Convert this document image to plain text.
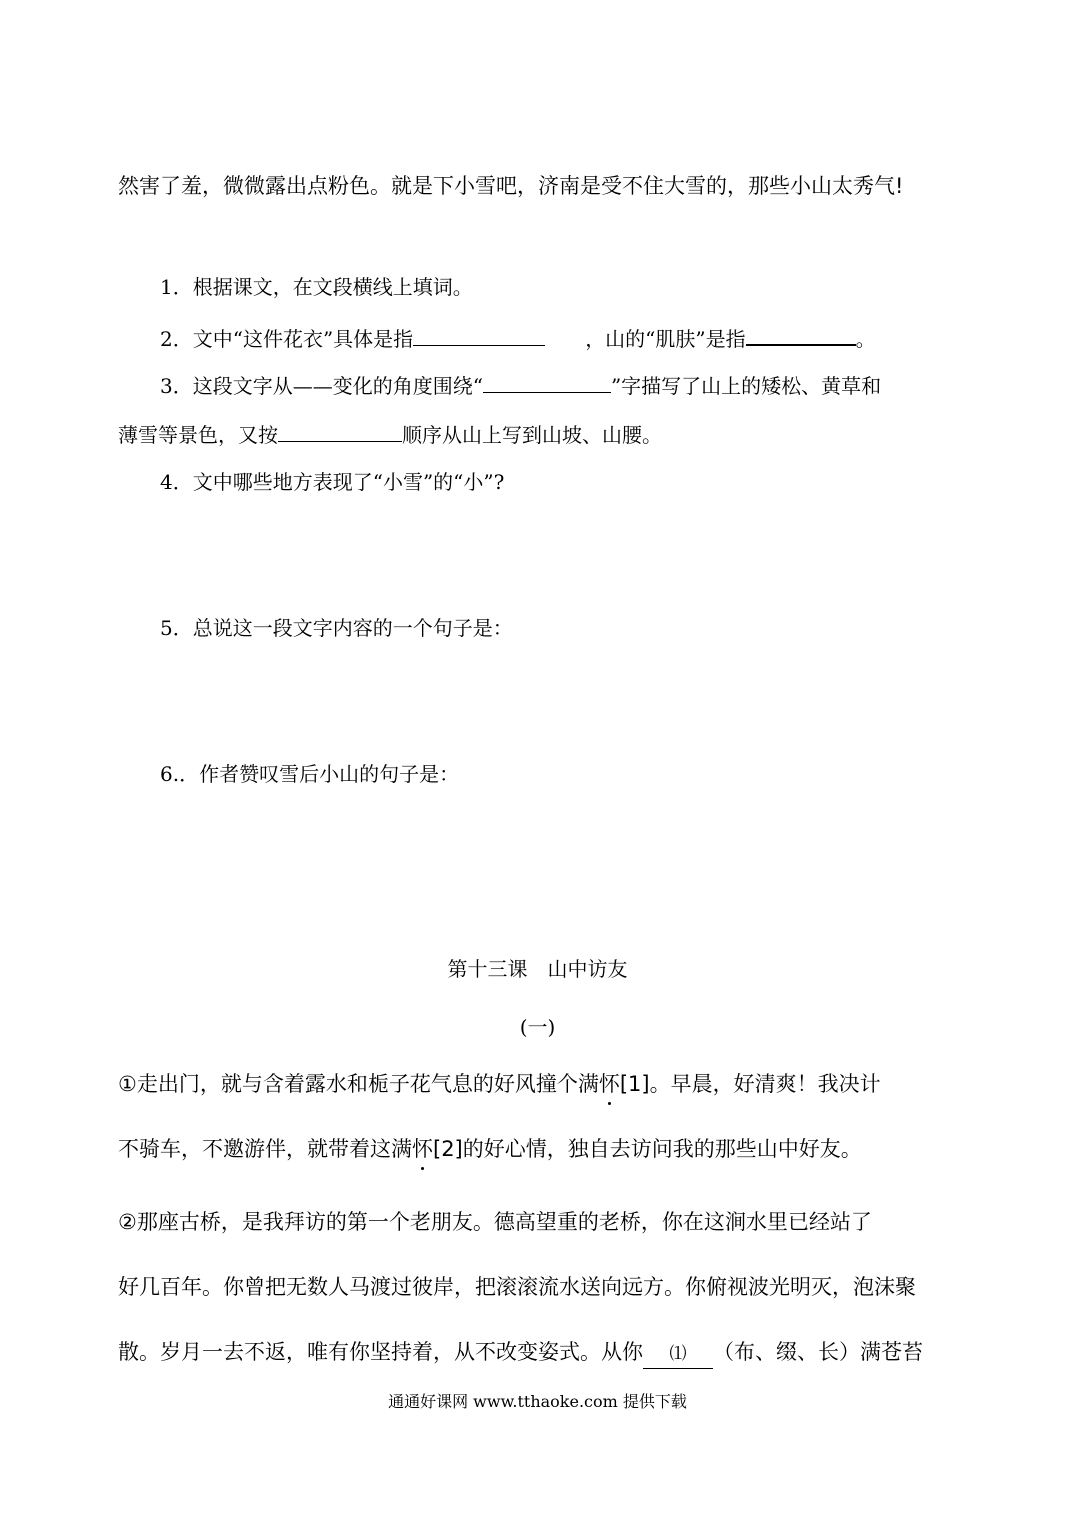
然害了羞，微微露出点粉色。就是下小雪吧，济南是受不住大雪的，那些小山太秀气!
1．根据课文，在文段横线上填词。
2．文中“这件花衣”具体是指	，山的“肌肤”是指	。
3．这段文字从——变化的角度围绕“	”字描写了山上的矮松、黄草和
薄雪等景色，又按	顺序从山上写到山坡、山腰。
4．文中哪些地方表现了“小雪”的“小”?
5．总说这一段文字内容的一个句子是：
6.．作者赞叹雪后小山的句子是：
第十三课　山中访友
(一)
①走出门，就与含着露水和栀子花气息的好风撞个满怀[1]。早晨，好清爽！我决计
不骑车，不邀游伴，就带着这满怀[2]的好心情，独自去访问我的那些山中好友。
②那座古桥，是我拜访的第一个老朋友。德高望重的老桥，你在这涧水里已经站了
好几百年。你曾把无数人马渡过彼岸，把滚滚流水送向远方。你俯视波光明灭，泡沫聚
散。岁月一去不返，唯有你坚持着，从不改变姿式。从你 ⑴ （布、缀、长）满苍苔
通通好课网 www.tthaoke.com 提供下载
